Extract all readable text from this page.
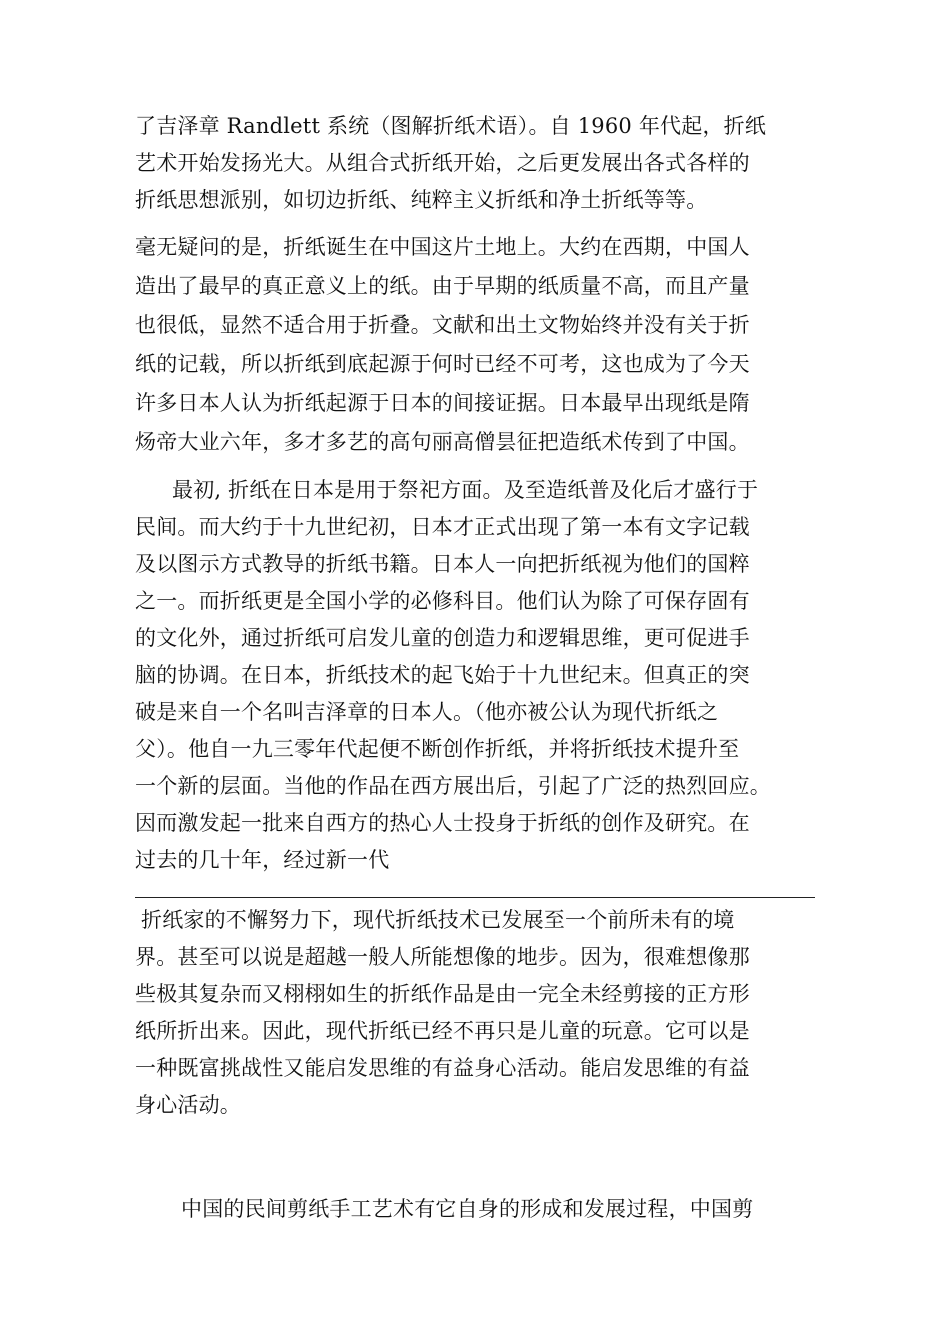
了吉泽章 Randlett 系统（图解折纸术语）。自 1960 年代起，折纸
艺术开始发扬光大。从组合式折纸开始，之后更发展出各式各样的
折纸思想派别，如切边折纸、纯粹主义折纸和净土折纸等等。
毫无疑问的是，折纸诞生在中国这片土地上。大约在西期，中国人
造出了最早的真正意义上的纸。由于早期的纸质量不高，而且产量
也很低，显然不适合用于折叠。文献和出土文物始终并没有关于折
纸的记载，所以折纸到底起源于何时已经不可考，这也成为了今天
许多日本人认为折纸起源于日本的间接证据。日本最早出现纸是隋
炀帝大业六年，多才多艺的高句丽高僧昙征把造纸术传到了中国。
最初, 折纸在日本是用于祭祀方面。及至造纸普及化后才盛行于
民间。而大约于十九世纪初，日本才正式出现了第一本有文字记载
及以图示方式教导的折纸书籍。日本人一向把折纸视为他们的国粹
之一。而折纸更是全国小学的必修科目。他们认为除了可保存固有
的文化外，通过折纸可启发儿童的创造力和逻辑思维，更可促进手
脑的协调。在日本，折纸技术的起飞始于十九世纪末。但真正的突
破是来自一个名叫吉泽章的日本人。（他亦被公认为现代折纸之
父）。他自一九三零年代起便不断创作折纸，并将折纸技术提升至
一个新的层面。当他的作品在西方展出后，引起了广泛的热烈回应。
因而激发起一批来自西方的热心人士投身于折纸的创作及研究。在
过去的几十年，经过新一代
折纸家的不懈努力下，现代折纸技术已发展至一个前所未有的境
界。甚至可以说是超越一般人所能想像的地步。因为，很难想像那
些极其复杂而又栩栩如生的折纸作品是由一完全未经剪接的正方形
纸所折出来。因此，现代折纸已经不再只是儿童的玩意。它可以是
一种既富挑战性又能启发思维的有益身心活动。能启发思维的有益
身心活动。
中国的民间剪纸手工艺术有它自身的形成和发展过程，中国剪
